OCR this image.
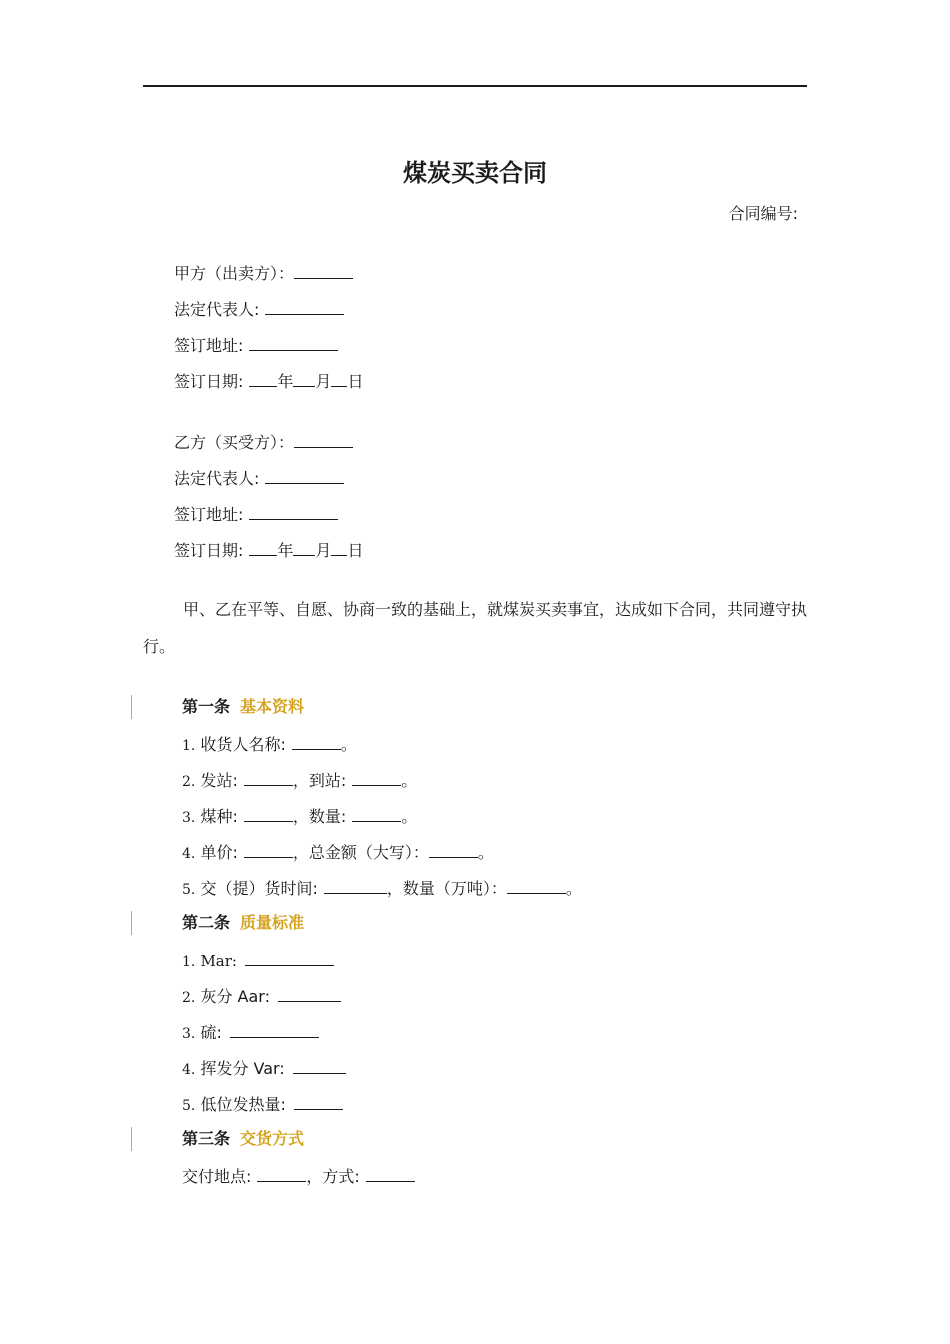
煤炭买卖合同
合同编号:
甲方（出卖方）：
法定代表人:
签订地址:
签订日期: 年 月 日
乙方（买受方）：
法定代表人:
签订地址:
签订日期: 年 月 日
甲、乙在平等、自愿、协商一致的基础上，就煤炭买卖事宜，达成如下合同，共同遵守执行。
第一条 基本资料
1. 收货人名称:	。
2. 发站:	，到站:	。
3. 煤种:	，数量:	。
4. 单价:	，总金额（大写）：	。
5. 交（提）货时间:	，数量（万吨）：	。
第二条 质量标准
1. Mar:
2. 灰分 Aar:
3. 硫:
4. 挥发分 Var:
5. 低位发热量:
第三条 交货方式
交付地点:	，方式:
